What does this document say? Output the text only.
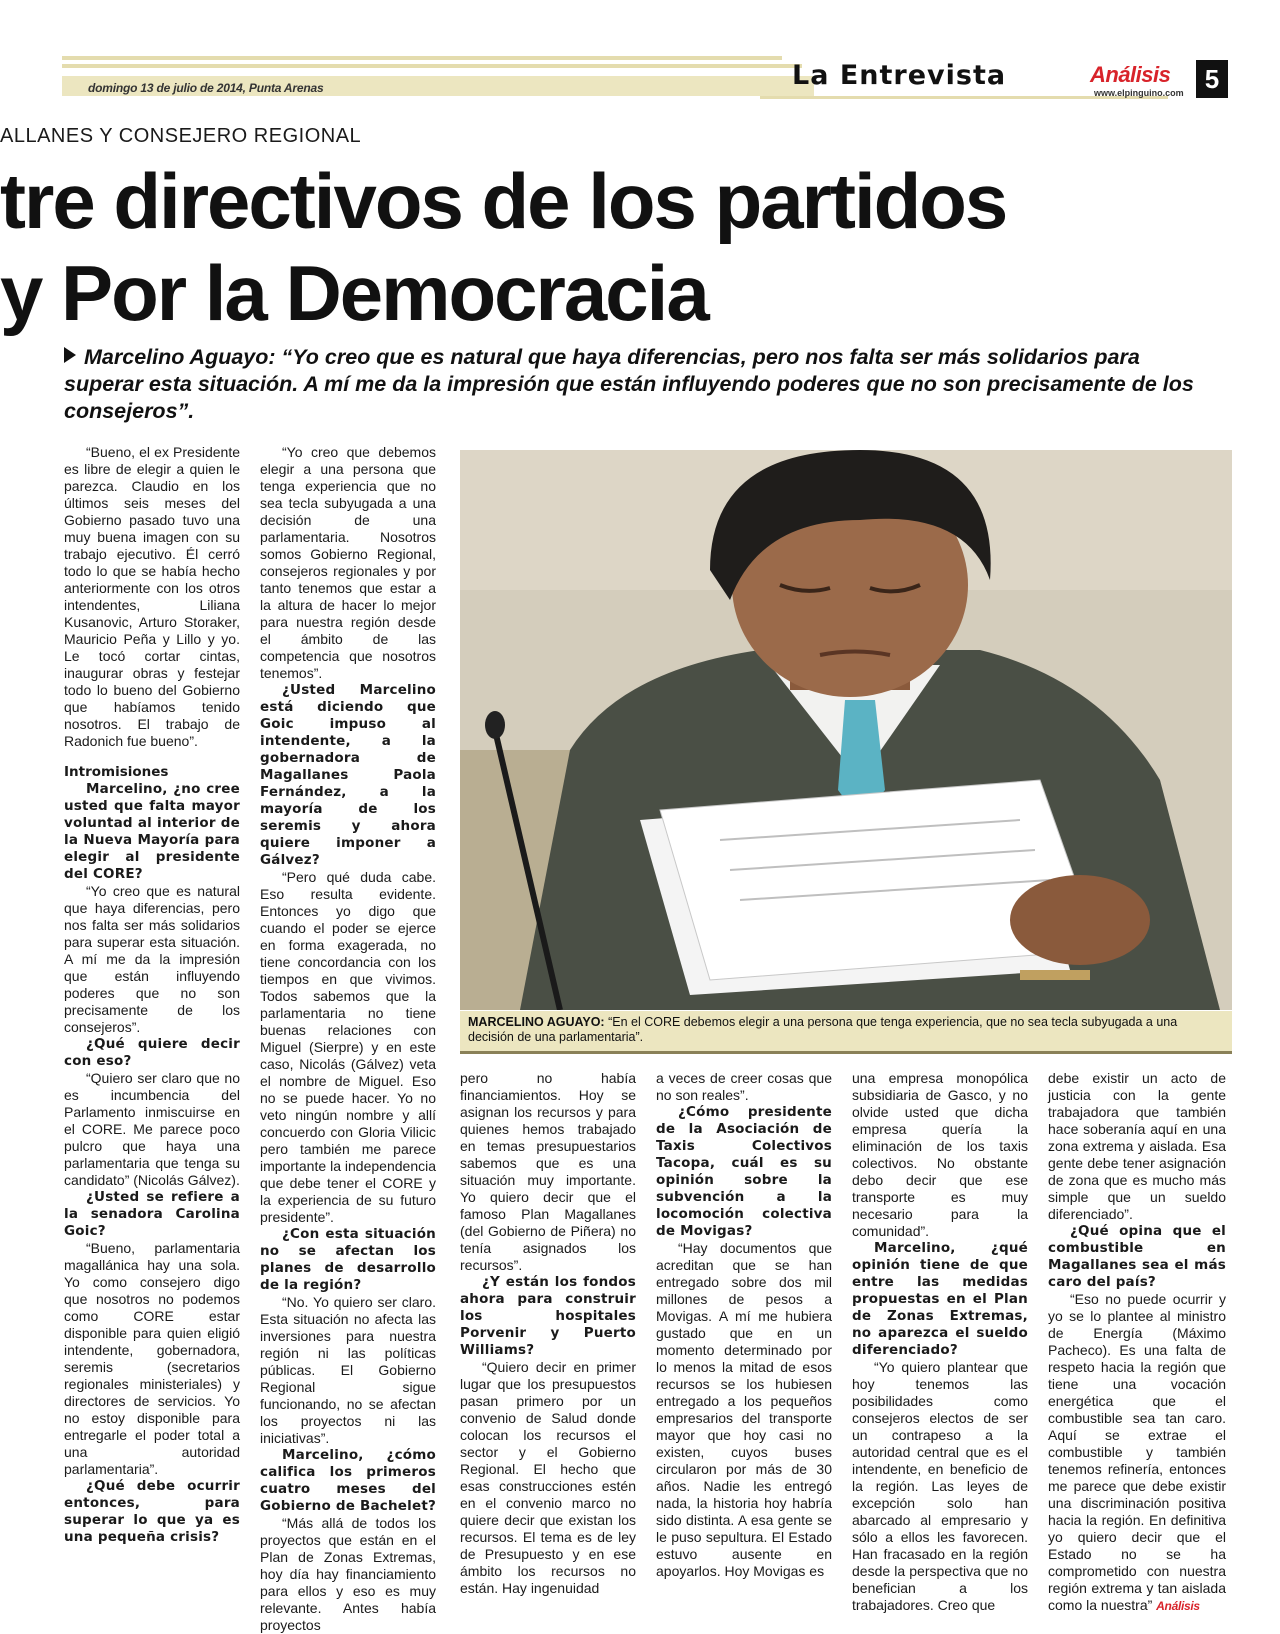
domingo 13 de julio de 2014, Punta Arenas	La Entrevista	Análisis
www.elpinguino.com 5
ALLANES Y CONSEJERO REGIONAL
tre directivos de los partidos
y Por la Democracia

Marcelino Aguayo: “Yo creo que es natural que haya diferencias, pero nos falta ser más solidarios para superar esta situación. A mí me da la impresión que están influyendo poderes que no son precisamente de los consejeros”.

MARCELINO AGUAYO: “En el CORE debemos elegir a una persona que tenga experiencia, que no sea tecla subyugada a una decisión de una parlamentaria”.

“Bueno, el ex Presidente es libre de elegir a quien le parezca. Claudio en los últimos seis meses del Gobierno pasado tuvo una muy buena imagen con su trabajo ejecutivo. Él cerró todo lo que se había hecho anteriormente con los otros intendentes, Liliana Kusanovic, Arturo Storaker, Mauricio Peña y Lillo y yo. Le tocó cortar cintas, inaugurar obras y festejar todo lo bueno del Gobierno que habíamos tenido nosotros. El trabajo de Radonich fue bueno”.

Intromisiones

Marcelino, ¿no cree usted que falta mayor voluntad al interior de la Nueva Mayoría para elegir al presidente del CORE?

“Yo creo que es natural que haya diferencias, pero nos falta ser más solidarios para superar esta situación. A mí me da la impresión que están influyendo poderes que no son precisamente de los consejeros”.

¿Qué quiere decir con eso?

“Quiero ser claro que no es incumbencia del Parlamento inmiscuirse en el CORE. Me parece poco pulcro que haya una parlamentaria que tenga su candidato” (Nicolás Gálvez).

¿Usted se refiere a la senadora Carolina Goic?

“Bueno, parlamentaria magallánica hay una sola. Yo como consejero digo que nosotros no podemos como CORE estar disponible para quien eligió intendente, gobernadora, seremis (secretarios regionales ministeriales) y directores de servicios. Yo no estoy disponible para entregarle el poder total a una autoridad parlamentaria”.

¿Qué debe ocurrir entonces, para superar lo que ya es una pequeña crisis?

“Yo creo que debemos elegir a una persona que tenga experiencia que no sea tecla subyugada a una decisión de una parlamentaria. Nosotros somos Gobierno Regional, consejeros regionales y por tanto tenemos que estar a la altura de hacer lo mejor para nuestra región desde el ámbito de las competencia que nosotros tenemos”.

¿Usted Marcelino está diciendo que Goic impuso al intendente, a la gobernadora de Magallanes Paola Fernández, a la mayoría de los seremis y ahora quiere imponer a Gálvez?

“Pero qué duda cabe. Eso resulta evidente. Entonces yo digo que cuando el poder se ejerce en forma exagerada, no tiene concordancia con los tiempos en que vivimos. Todos sabemos que la parlamentaria no tiene buenas relaciones con Miguel (Sierpre) y en este caso, Nicolás (Gálvez) veta el nombre de Miguel. Eso no se puede hacer. Yo no veto ningún nombre y allí concuerdo con Gloria Vilicic pero también me parece importante la independencia que debe tener el CORE y la experiencia de su futuro presidente”.

¿Con esta situación no se afectan los planes de desarrollo de la región?

“No. Yo quiero ser claro. Esta situación no afecta las inversiones para nuestra región ni las políticas públicas. El Gobierno Regional sigue funcionando, no se afectan los proyectos ni las iniciativas”.

Marcelino, ¿cómo califica los primeros cuatro meses del Gobierno de Bachelet?

“Más allá de todos los proyectos que están en el Plan de Zonas Extremas, hoy día hay financiamiento para ellos y eso es muy relevante. Antes había proyectos

pero no había financiamientos. Hoy se asignan los recursos y para quienes hemos trabajado en temas presupuestarios sabemos que es una situación muy importante. Yo quiero decir que el famoso Plan Magallanes (del Gobierno de Piñera) no tenía asignados los recursos”.

¿Y están los fondos ahora para construir los hospitales Porvenir y Puerto Williams?

“Quiero decir en primer lugar que los presupuestos pasan primero por un convenio de Salud donde colocan los recursos el sector y el Gobierno Regional. El hecho que esas construcciones estén en el convenio marco no quiere decir que existan los recursos. El tema es de ley de Presupuesto y en ese ámbito los recursos no están. Hay ingenuidad

a veces de creer cosas que no son reales”.

¿Cómo presidente de la Asociación de Taxis Colectivos Tacopa, cuál es su opinión sobre la subvención a la locomoción colectiva de Movigas?

“Hay documentos que acreditan que se han entregado sobre dos mil millones de pesos a Movigas. A mí me hubiera gustado que en un momento determinado por lo menos la mitad de esos recursos se los hubiesen entregado a los pequeños empresarios del transporte mayor que hoy casi no existen, cuyos buses circularon por más de 30 años. Nadie les entregó nada, la historia hoy habría sido distinta. A esa gente se le puso sepultura. El Estado estuvo ausente en apoyarlos. Hoy Movigas es

una empresa monopólica subsidiaria de Gasco, y no olvide usted que dicha empresa quería la eliminación de los taxis colectivos. No obstante debo decir que ese transporte es muy necesario para la comunidad”.

Marcelino, ¿qué opinión tiene de que entre las medidas propuestas en el Plan de Zonas Extremas, no aparezca el sueldo diferenciado?

“Yo quiero plantear que hoy tenemos las posibilidades como consejeros electos de ser un contrapeso a la autoridad central que es el intendente, en beneficio de la región. Las leyes de excepción solo han abarcado al empresario y sólo a ellos les favorecen. Han fracasado en la región desde la perspectiva que no benefician a los trabajadores. Creo que

debe existir un acto de justicia con la gente trabajadora que también hace soberanía aquí en una zona extrema y aislada. Esa gente debe tener asignación de zona que es mucho más simple que un sueldo diferenciado”.

¿Qué opina que el combustible en Magallanes sea el más caro del país?

“Eso no puede ocurrir y yo se lo plantee al ministro de Energía (Máximo Pacheco). Es una falta de respeto hacia la región que tiene una vocación energética que el combustible sea tan caro. Aquí se extrae el combustible y también tenemos refinería, entonces me parece que debe existir una discriminación positiva hacia la región. En definitiva yo quiero decir que el Estado no se ha comprometido con nuestra región extrema y tan aislada como la nuestra” Análisis
